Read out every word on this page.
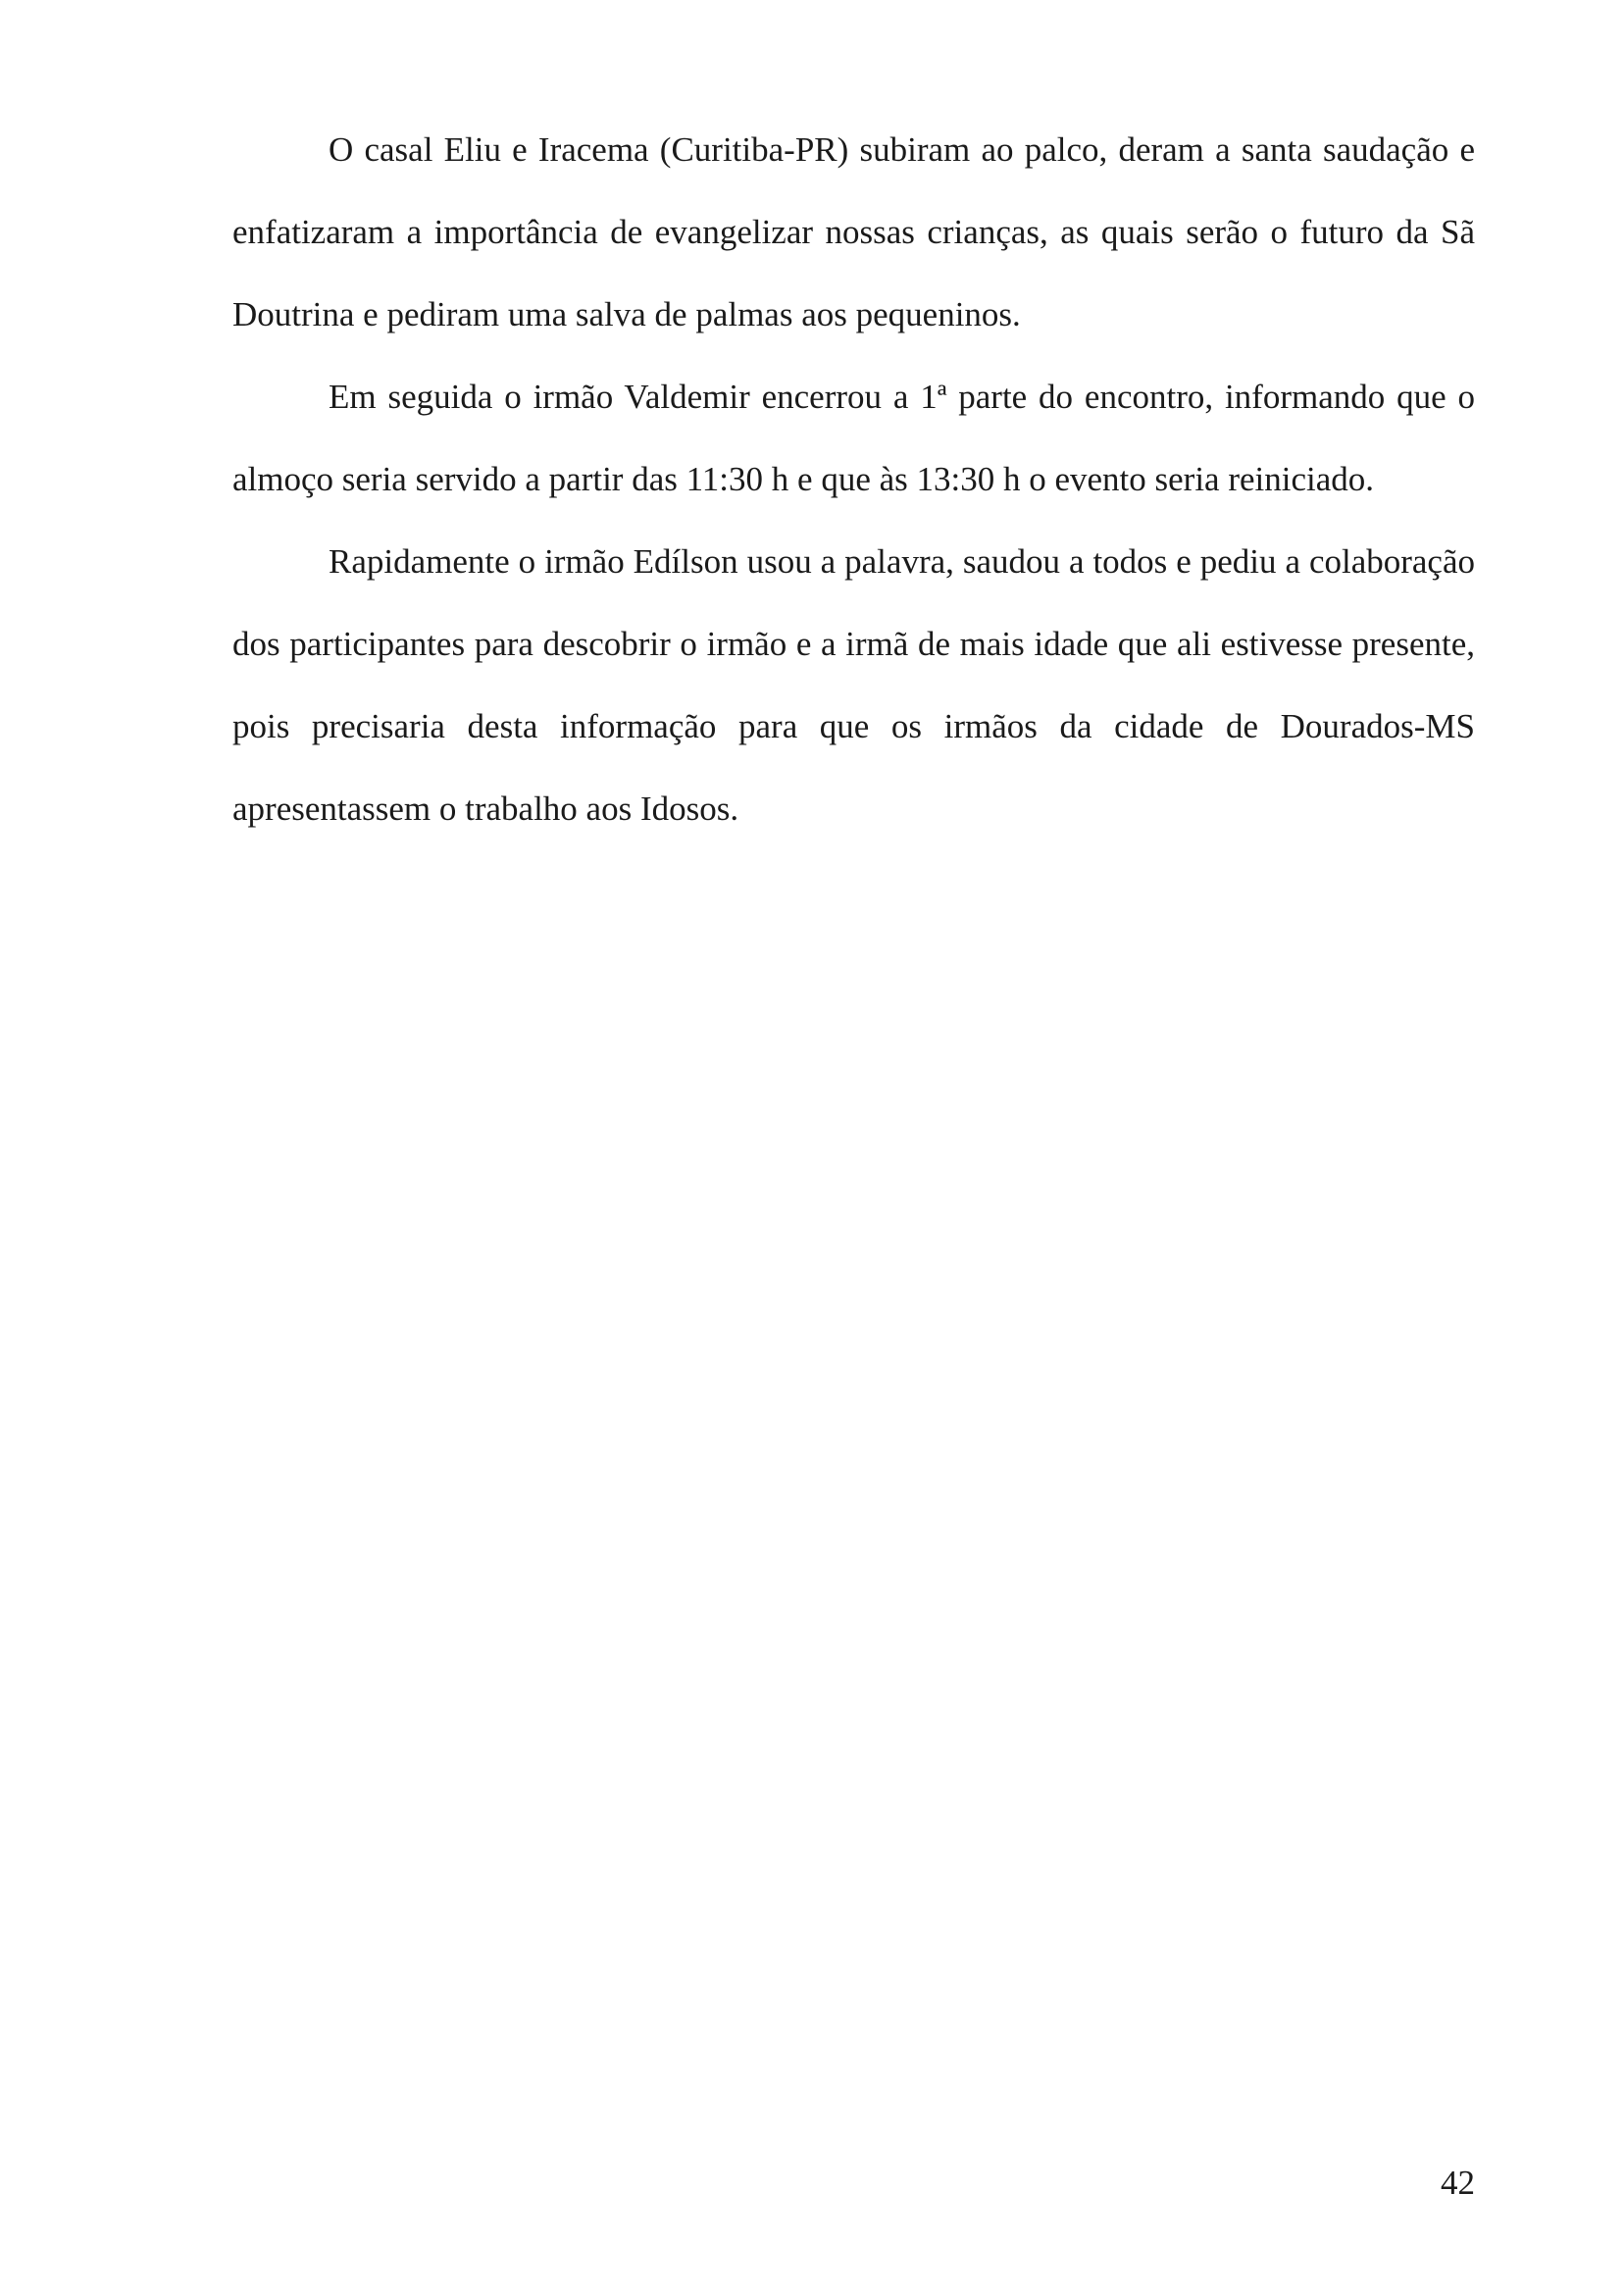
O casal Eliu e Iracema (Curitiba-PR) subiram ao palco, deram a santa saudação e enfatizaram a importância de evangelizar nossas crianças, as quais serão o futuro da Sã Doutrina e pediram uma salva de palmas aos pequeninos.

Em seguida o irmão Valdemir encerrou a 1ª parte do encontro, informando que o almoço seria servido a partir das 11:30 h e que às 13:30 h o evento seria reiniciado.

Rapidamente o irmão Edílson usou a palavra, saudou a todos e pediu a colaboração dos participantes para descobrir o irmão e a irmã de mais idade que ali estivesse presente, pois precisaria desta informação para que os irmãos da cidade de Dourados-MS apresentassem o trabalho aos Idosos.

42
